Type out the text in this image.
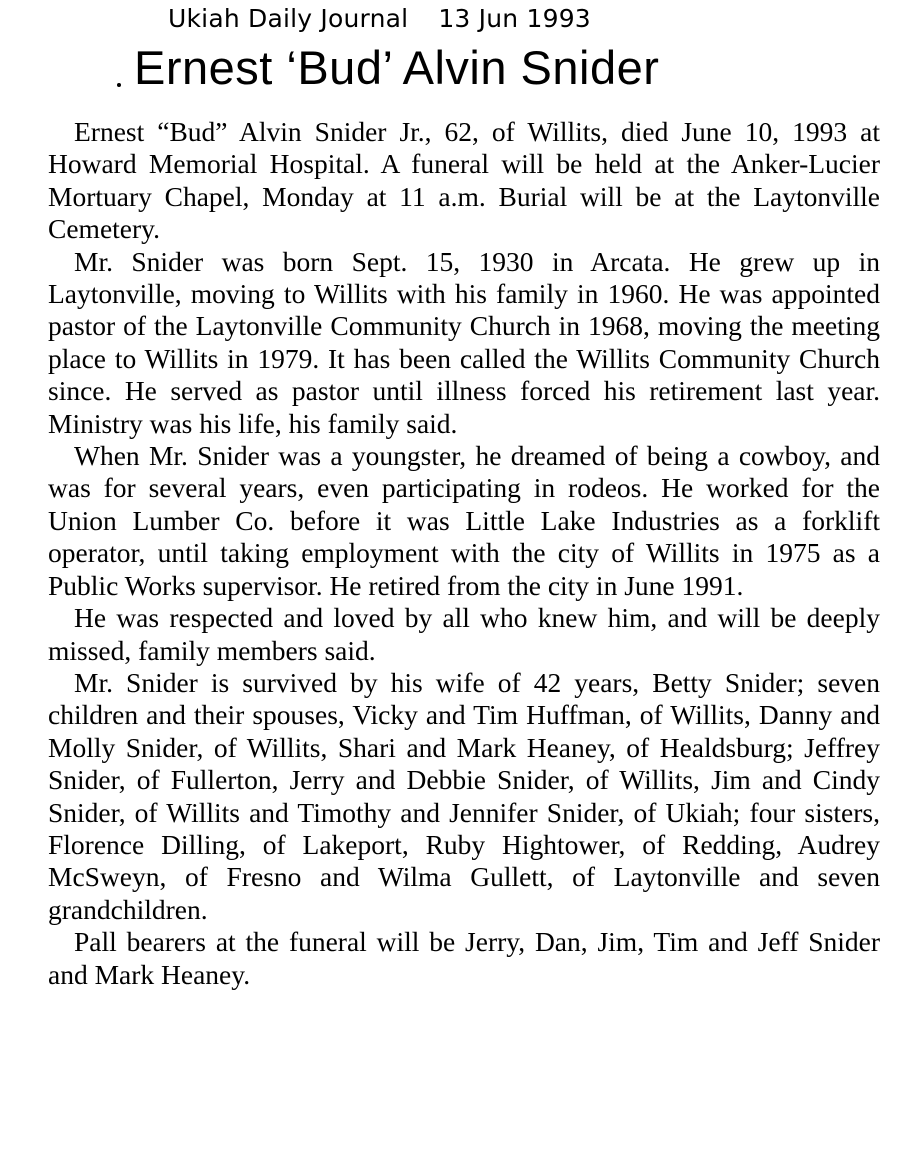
Ukiah Daily Journal 13 Jun 1993
Ernest ‘Bud’ Alvin Snider

Ernest “Bud” Alvin Snider Jr., 62, of Willits, died June 10, 1993 at Howard Memorial Hospital. A funeral will be held at the Anker-Lucier Mortuary Chapel, Monday at 11 a.m. Burial will be at the Laytonville Cemetery.

Mr. Snider was born Sept. 15, 1930 in Arcata. He grew up in Laytonville, moving to Willits with his family in 1960. He was appointed pastor of the Laytonville Community Church in 1968, moving the meeting place to Willits in 1979. It has been called the Willits Community Church since. He served as pastor until illness forced his retirement last year. Ministry was his life, his family said.

When Mr. Snider was a youngster, he dreamed of being a cowboy, and was for several years, even participating in rodeos. He worked for the Union Lumber Co. before it was Little Lake Industries as a forklift operator, until taking employment with the city of Willits in 1975 as a Public Works supervisor. He retired from the city in June 1991.

He was respected and loved by all who knew him, and will be deeply missed, family members said.

Mr. Snider is survived by his wife of 42 years, Betty Snider; seven children and their spouses, Vicky and Tim Huffman, of Willits, Danny and Molly Snider, of Willits, Shari and Mark Heaney, of Healdsburg; Jeffrey Snider, of Fullerton, Jerry and Debbie Snider, of Willits, Jim and Cindy Snider, of Willits and Timothy and Jennifer Snider, of Ukiah; four sisters, Florence Dilling, of Lakeport, Ruby Hightower, of Redding, Audrey McSweyn, of Fresno and Wilma Gullett, of Laytonville and seven grandchildren.

Pall bearers at the funeral will be Jerry, Dan, Jim, Tim and Jeff Snider and Mark Heaney.
